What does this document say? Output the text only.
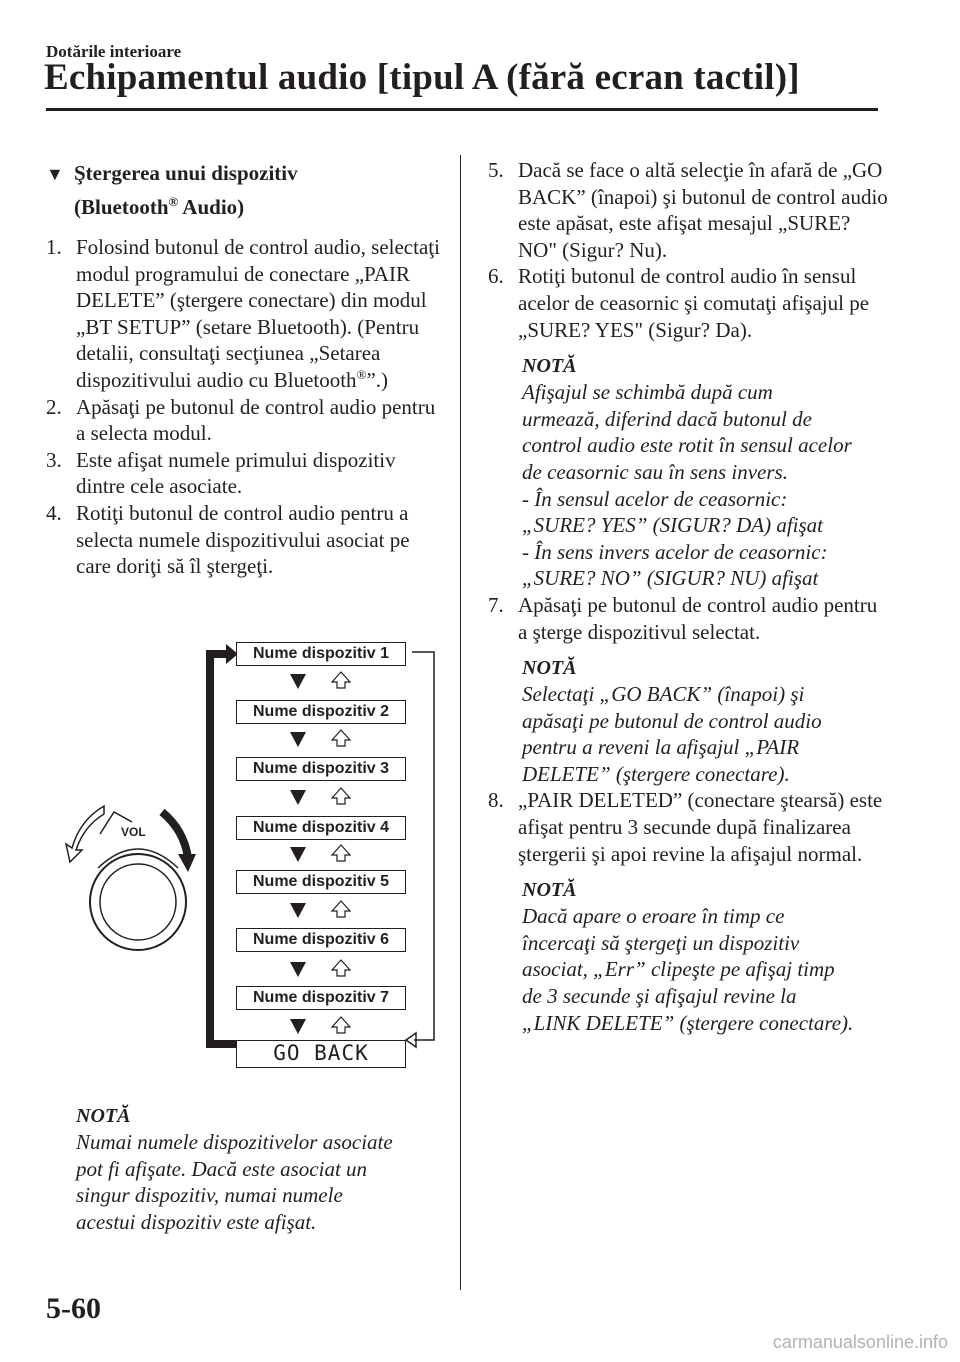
Dotările interioare
Echipamentul audio [tipul A (fără ecran tactil)]

▼ Ştergerea unui dispozitiv
(Bluetooth® Audio)

1. Folosind butonul de control audio, selectaţi modul programului de conectare „PAIR DELETE” (ştergere conectare) din modul „BT SETUP” (setare Bluetooth). (Pentru detalii, consultaţi secţiunea „Setarea dispozitivului audio cu Bluetooth®”.)

2. Apăsaţi pe butonul de control audio pentru a selecta modul.

3. Este afişat numele primului dispozitiv dintre cele asociate.

4. Rotiţi butonul de control audio pentru a selecta numele dispozitivului asociat pe care doriţi să îl ştergeţi.

VOL
Nume dispozitiv 1
Nume dispozitiv 2
Nume dispozitiv 3
Nume dispozitiv 4
Nume dispozitiv 5
Nume dispozitiv 6
Nume dispozitiv 7
GO BACK
NOTĂ
Numai numele dispozitivelor asociate
pot fi afişate. Dacă este asociat un
singur dispozitiv, numai numele
acestui dispozitiv este afişat.

5. Dacă se face o altă selecţie în afară de „GO BACK” (înapoi) şi butonul de control audio este apăsat, este afişat mesajul „SURE? NO" (Sigur? Nu).

6. Rotiţi butonul de control audio în sensul acelor de ceasornic şi comutaţi afişajul pe „SURE? YES" (Sigur? Da).

NOTĂ
Afişajul se schimbă după cum
urmează, diferind dacă butonul de
control audio este rotit în sensul acelor
de ceasornic sau în sens invers.
- În sensul acelor de ceasornic:
„SURE? YES” (SIGUR? DA) afişat
- În sens invers acelor de ceasornic:
„SURE? NO” (SIGUR? NU) afişat

7. Apăsaţi pe butonul de control audio pentru a şterge dispozitivul selectat.

NOTĂ
Selectaţi „GO BACK” (înapoi) şi
apăsaţi pe butonul de control audio
pentru a reveni la afişajul „PAIR
DELETE” (ştergere conectare).

8. „PAIR DELETED” (conectare ştearsă) este afişat pentru 3 secunde după finalizarea ştergerii şi apoi revine la afişajul normal.

NOTĂ
Dacă apare o eroare în timp ce
încercaţi să ştergeţi un dispozitiv
asociat, „Err” clipeşte pe afişaj timp
de 3 secunde şi afişajul revine la
„LINK DELETE” (ştergere conectare).
5-60
carmanualsonline.info
